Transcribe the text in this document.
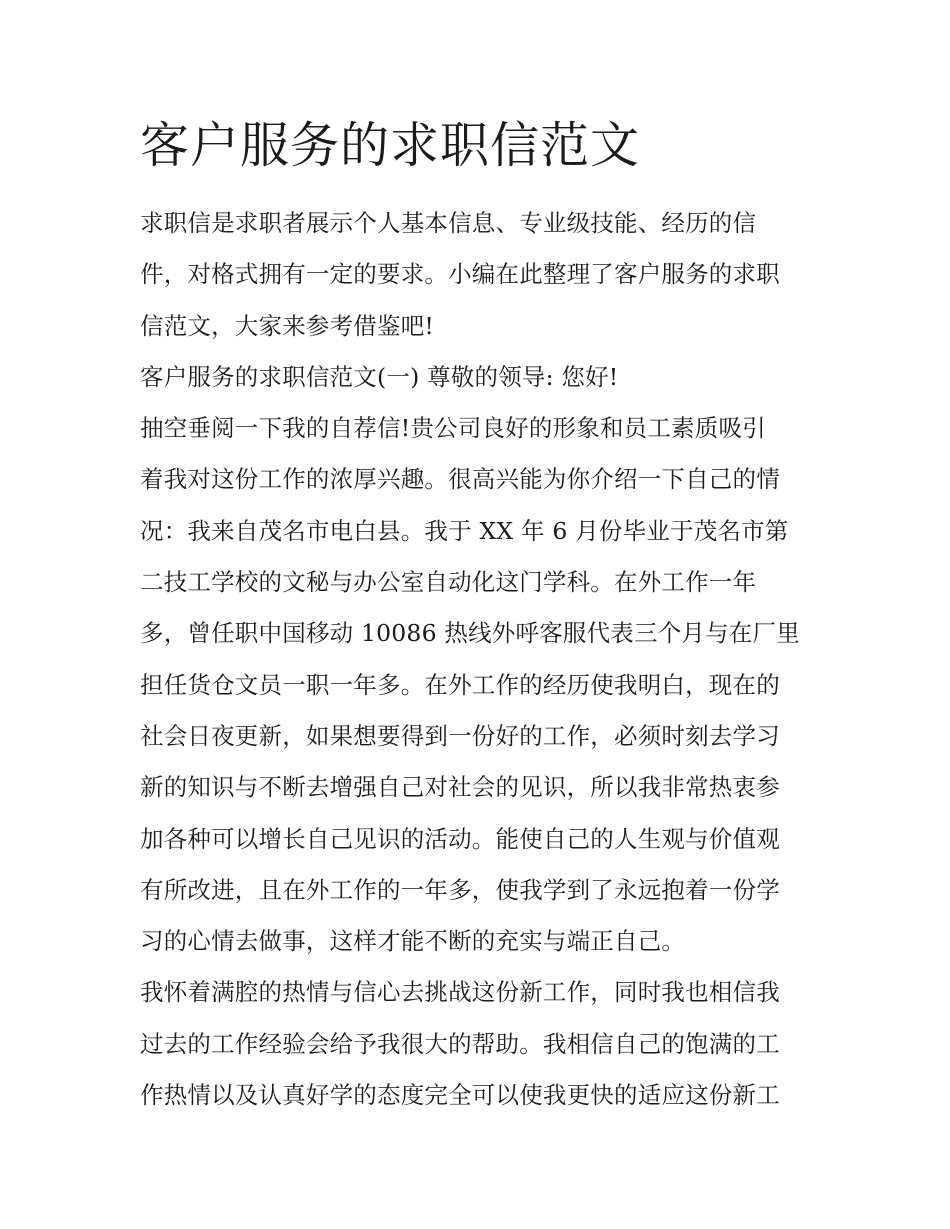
客户服务的求职信范文
求职信是求职者展示个人基本信息、专业级技能、经历的信
件，对格式拥有一定的要求。小编在此整理了客户服务的求职
信范文，大家来参考借鉴吧!
客户服务的求职信范文(一) 尊敬的领导: 您好!
抽空垂阅一下我的自荐信!贵公司良好的形象和员工素质吸引
着我对这份工作的浓厚兴趣。很高兴能为你介绍一下自己的情
况：我来自茂名市电白县。我于 XX 年 6 月份毕业于茂名市第
二技工学校的文秘与办公室自动化这门学科。在外工作一年
多，曾任职中国移动 10086 热线外呼客服代表三个月与在厂里
担任货仓文员一职一年多。在外工作的经历使我明白，现在的
社会日夜更新，如果想要得到一份好的工作，必须时刻去学习
新的知识与不断去增强自己对社会的见识，所以我非常热衷参
加各种可以增长自己见识的活动。能使自己的人生观与价值观
有所改进，且在外工作的一年多，使我学到了永远抱着一份学
习的心情去做事，这样才能不断的充实与端正自己。
我怀着满腔的热情与信心去挑战这份新工作，同时我也相信我
过去的工作经验会给予我很大的帮助。我相信自己的饱满的工
作热情以及认真好学的态度完全可以使我更快的适应这份新工
